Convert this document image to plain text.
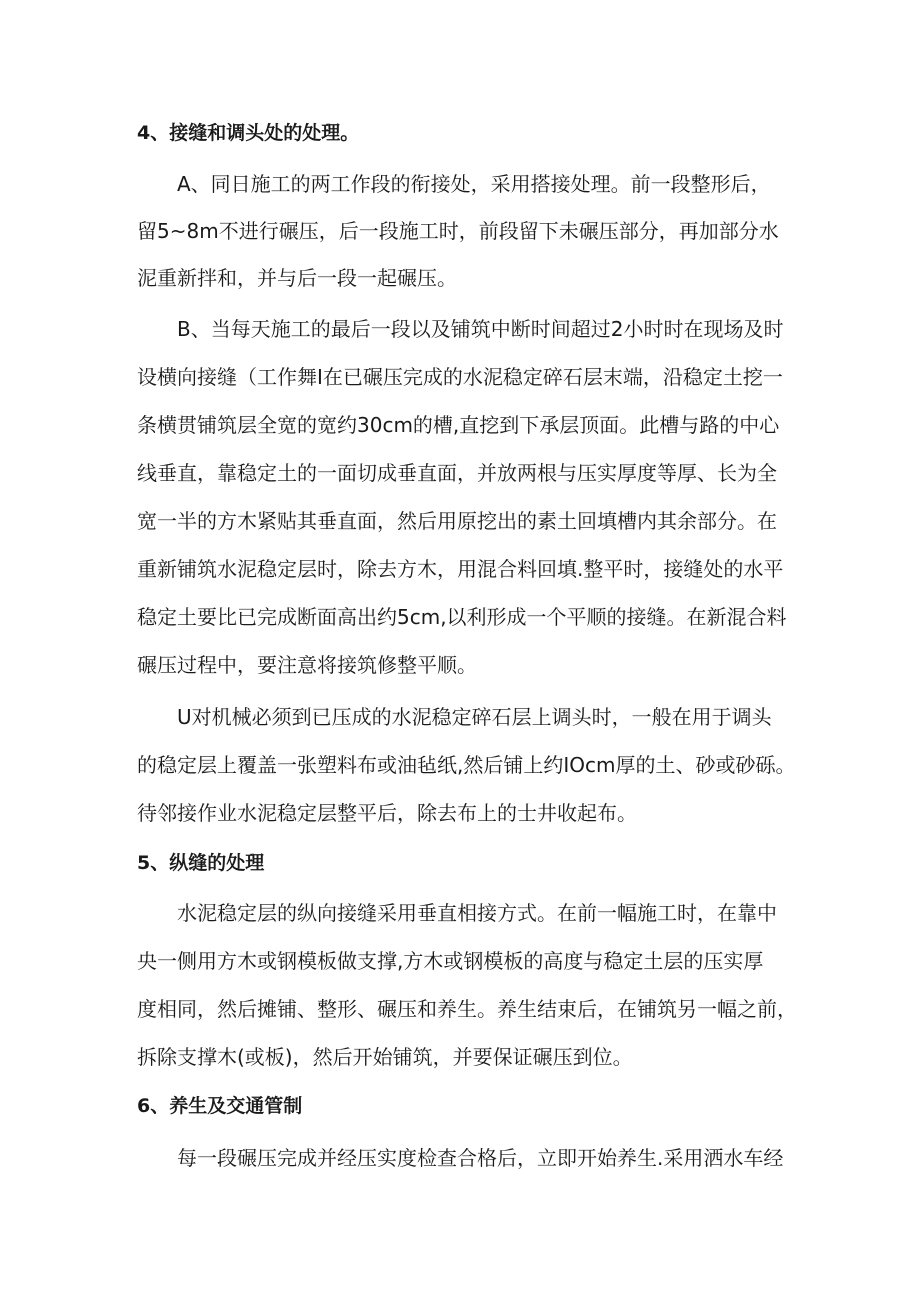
4、接缝和调头处的处理。
A、同日施工的两工作段的衔接处，采用搭接处理。前一段整形后，
留5~8m不进行碾压，后一段施工时，前段留下未碾压部分，再加部分水
泥重新拌和，并与后一段一起碾压。
B、当每天施工的最后一段以及铺筑中断时间超过2小时时在现场及时
设横向接缝（工作舞I在已碾压完成的水泥稳定碎石层末端，沿稳定土挖一
条横贯铺筑层全宽的宽约30cm的槽,直挖到下承层顶面。此槽与路的中心
线垂直，靠稳定土的一面切成垂直面，并放两根与压实厚度等厚、长为全
宽一半的方木紧贴其垂直面，然后用原挖出的素土回填槽内其余部分。在
重新铺筑水泥稳定层时，除去方木，用混合料回填.整平时，接缝处的水平
稳定土要比已完成断面高出约5cm,以利形成一个平顺的接缝。在新混合料
碾压过程中，要注意将接筑修整平顺。
U对机械必须到已压成的水泥稳定碎石层上调头时，一般在用于调头
的稳定层上覆盖一张塑料布或油毡纸,然后铺上约IOcm厚的土、砂或砂砾。
待邻接作业水泥稳定层整平后，除去布上的士井收起布。
5、纵缝的处理
水泥稳定层的纵向接缝采用垂直相接方式。在前一幅施工时，在靠中
央一侧用方木或钢模板做支撑,方木或钢模板的高度与稳定土层的压实厚
度相同，然后摊铺、整形、碾压和养生。养生结束后，在铺筑另一幅之前，
拆除支撑木(或板)，然后开始铺筑，并要保证碾压到位。
6、养生及交通管制
每一段碾压完成并经压实度检查合格后，立即开始养生.采用洒水车经
